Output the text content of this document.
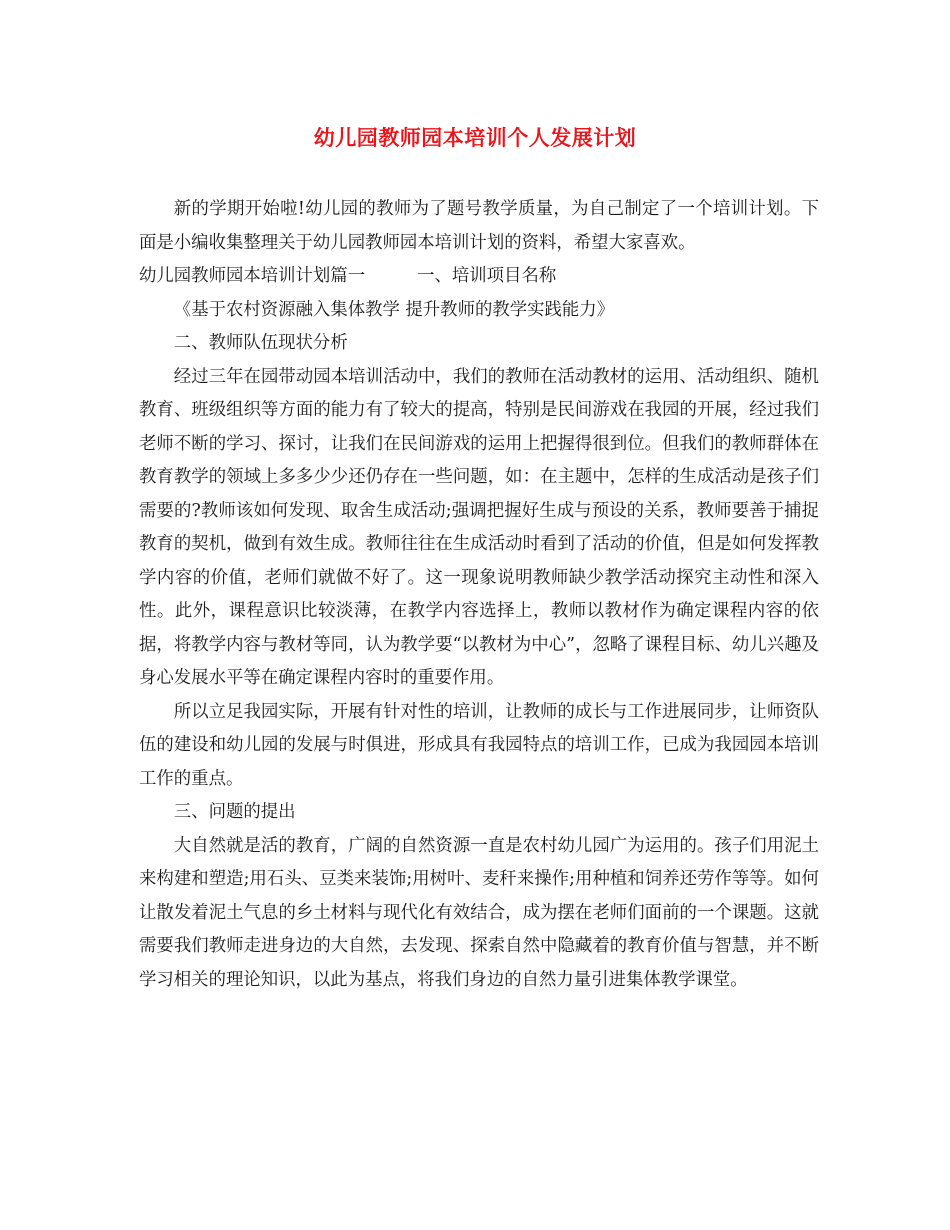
幼儿园教师园本培训个人发展计划

新的学期开始啦!幼儿园的教师为了题号教学质量，为自己制定了一个培训计划。下面是小编收集整理关于幼儿园教师园本培训计划的资料，希望大家喜欢。

幼儿园教师园本培训计划篇一	一、培训项目名称

《基于农村资源融入集体教学 提升教师的教学实践能力》

二、教师队伍现状分析

经过三年在园带动园本培训活动中，我们的教师在活动教材的运用、活动组织、随机教育、班级组织等方面的能力有了较大的提高，特别是民间游戏在我园的开展，经过我们老师不断的学习、探讨，让我们在民间游戏的运用上把握得很到位。但我们的教师群体在教育教学的领域上多多少少还仍存在一些问题，如：在主题中，怎样的生成活动是孩子们需要的?教师该如何发现、取舍生成活动;强调把握好生成与预设的关系，教师要善于捕捉教育的契机，做到有效生成。教师往往在生成活动时看到了活动的价值，但是如何发挥教学内容的价值，老师们就做不好了。这一现象说明教师缺少教学活动探究主动性和深入性。此外，课程意识比较淡薄，在教学内容选择上，教师以教材作为确定课程内容的依据，将教学内容与教材等同，认为教学要“以教材为中心”，忽略了课程目标、幼儿兴趣及身心发展水平等在确定课程内容时的重要作用。

所以立足我园实际，开展有针对性的培训，让教师的成长与工作进展同步，让师资队伍的建设和幼儿园的发展与时俱进，形成具有我园特点的培训工作，已成为我园园本培训工作的重点。

三、问题的提出

大自然就是活的教育，广阔的自然资源一直是农村幼儿园广为运用的。孩子们用泥土来构建和塑造;用石头、豆类来装饰;用树叶、麦秆来操作;用种植和饲养还劳作等等。如何让散发着泥土气息的乡土材料与现代化有效结合，成为摆在老师们面前的一个课题。这就需要我们教师走进身边的大自然，去发现、探索自然中隐藏着的教育价值与智慧，并不断学习相关的理论知识，以此为基点，将我们身边的自然力量引进集体教学课堂。
